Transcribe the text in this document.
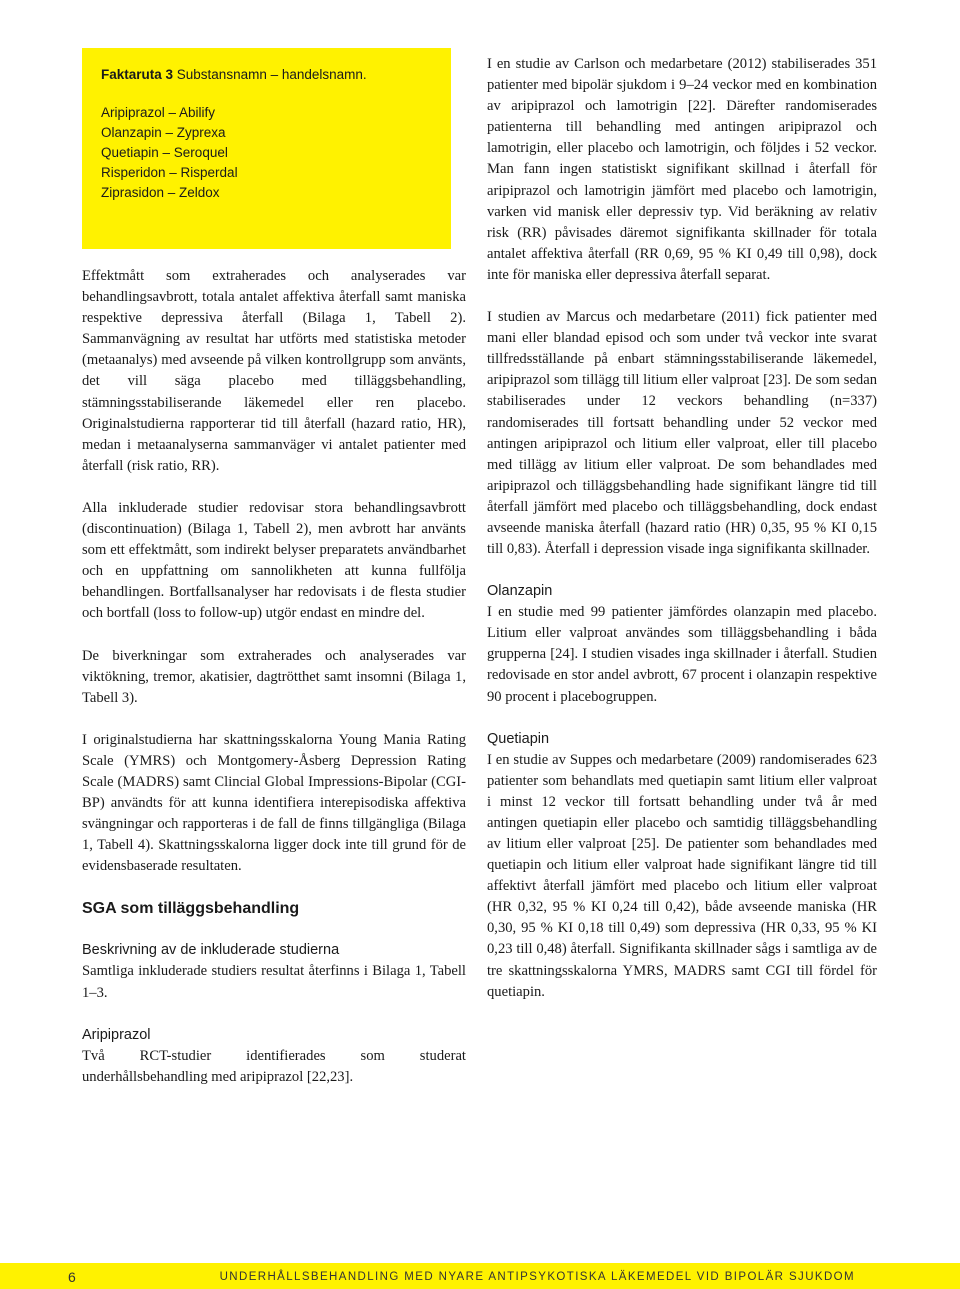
Faktaruta 3 Substansnamn – handelsnamn.
Aripiprazol – Abilify
Olanzapin – Zyprexa
Quetiapin – Seroquel
Risperidon – Risperdal
Ziprasidon – Zeldox

Effektmått som extraherades och analyserades var behandlingsavbrott, totala antalet affektiva återfall samt maniska respektive depressiva återfall (Bilaga 1, Tabell 2). Sammanvägning av resultat har utförts med statistiska metoder (metaanalys) med avseende på vilken kontrollgrupp som använts, det vill säga placebo med tilläggsbehandling, stämningsstabiliserande läkemedel eller ren placebo. Originalstudierna rapporterar tid till återfall (hazard ratio, HR), medan i metaanalyserna sammanväger vi antalet patienter med återfall (risk ratio, RR).

Alla inkluderade studier redovisar stora behandlingsavbrott (discontinuation) (Bilaga 1, Tabell 2), men avbrott har använts som ett effektmått, som indirekt belyser preparatets användbarhet och en uppfattning om sannolikheten att kunna fullfölja behandlingen. Bortfallsanalyser har redovisats i de flesta studier och bortfall (loss to follow-up) utgör endast en mindre del.

De biverkningar som extraherades och analyserades var viktökning, tremor, akatisier, dagtrötthet samt insomni (Bilaga 1, Tabell 3).

I originalstudierna har skattningsskalorna Young Mania Rating Scale (YMRS) och Montgomery-Åsberg Depression Rating Scale (MADRS) samt Clincial Global Impressions-Bipolar (CGI-BP) användts för att kunna identifiera interepisodiska affektiva svängningar och rapporteras i de fall de finns tillgängliga (Bilaga 1, Tabell 4). Skattningsskalorna ligger dock inte till grund för de evidensbaserade resultaten.

SGA som tilläggsbehandling
Beskrivning av de inkluderade studierna

Samtliga inkluderade studiers resultat återfinns i Bilaga 1, Tabell 1–3.

Aripiprazol

Två RCT-studier identifierades som studerat underhållsbehandling med aripiprazol [22,23].

I en studie av Carlson och medarbetare (2012) stabiliserades 351 patienter med bipolär sjukdom i 9–24 veckor med en kombination av aripiprazol och lamotrigin [22]. Därefter randomiserades patienterna till behandling med antingen aripiprazol och lamotrigin, eller placebo och lamotrigin, och följdes i 52 veckor. Man fann ingen statistiskt signifikant skillnad i återfall för aripiprazol och lamotrigin jämfört med placebo och lamotrigin, varken vid manisk eller depressiv typ. Vid beräkning av relativ risk (RR) påvisades däremot signifikanta skillnader för totala antalet affektiva återfall (RR 0,69, 95 % KI 0,49 till 0,98), dock inte för maniska eller depressiva återfall separat.

I studien av Marcus och medarbetare (2011) fick patienter med mani eller blandad episod och som under två veckor inte svarat tillfredsställande på enbart stämningsstabiliserande läkemedel, aripiprazol som tillägg till litium eller valproat [23]. De som sedan stabiliserades under 12 veckors behandling (n=337) randomiserades till fortsatt behandling under 52 veckor med antingen aripiprazol och litium eller valproat, eller till placebo med tillägg av litium eller valproat. De som behandlades med aripiprazol och tilläggsbehandling hade signifikant längre tid till återfall jämfört med placebo och tilläggsbehandling, dock endast avseende maniska återfall (hazard ratio (HR) 0,35, 95 % KI 0,15 till 0,83). Återfall i depression visade inga signifikanta skillnader.

Olanzapin

I en studie med 99 patienter jämfördes olanzapin med placebo. Litium eller valproat användes som tilläggsbehandling i båda grupperna [24]. I studien visades inga skillnader i återfall. Studien redovisade en stor andel avbrott, 67 procent i olanzapin respektive 90 procent i placebogruppen.

Quetiapin

I en studie av Suppes och medarbetare (2009) randomiserades 623 patienter som behandlats med quetiapin samt litium eller valproat i minst 12 veckor till fortsatt behandling under två år med antingen quetiapin eller placebo och samtidig tilläggsbehandling av litium eller valproat [25]. De patienter som behandlades med quetiapin och litium eller valproat hade signifikant längre tid till affektivt återfall jämfört med placebo och litium eller valproat (HR 0,32, 95 % KI 0,24 till 0,42), både avseende maniska (HR 0,30, 95 % KI 0,18 till 0,49) som depressiva (HR 0,33, 95 % KI 0,23 till 0,48) återfall. Signifikanta skillnader sågs i samtliga av de tre skattningsskalorna YMRS, MADRS samt CGI till fördel för quetiapin.

6	UNDERHÅLLSBEHANDLING MED NYARE ANTIPSYKOTISKA LÄKEMEDEL VID BIPOLÄR SJUKDOM
